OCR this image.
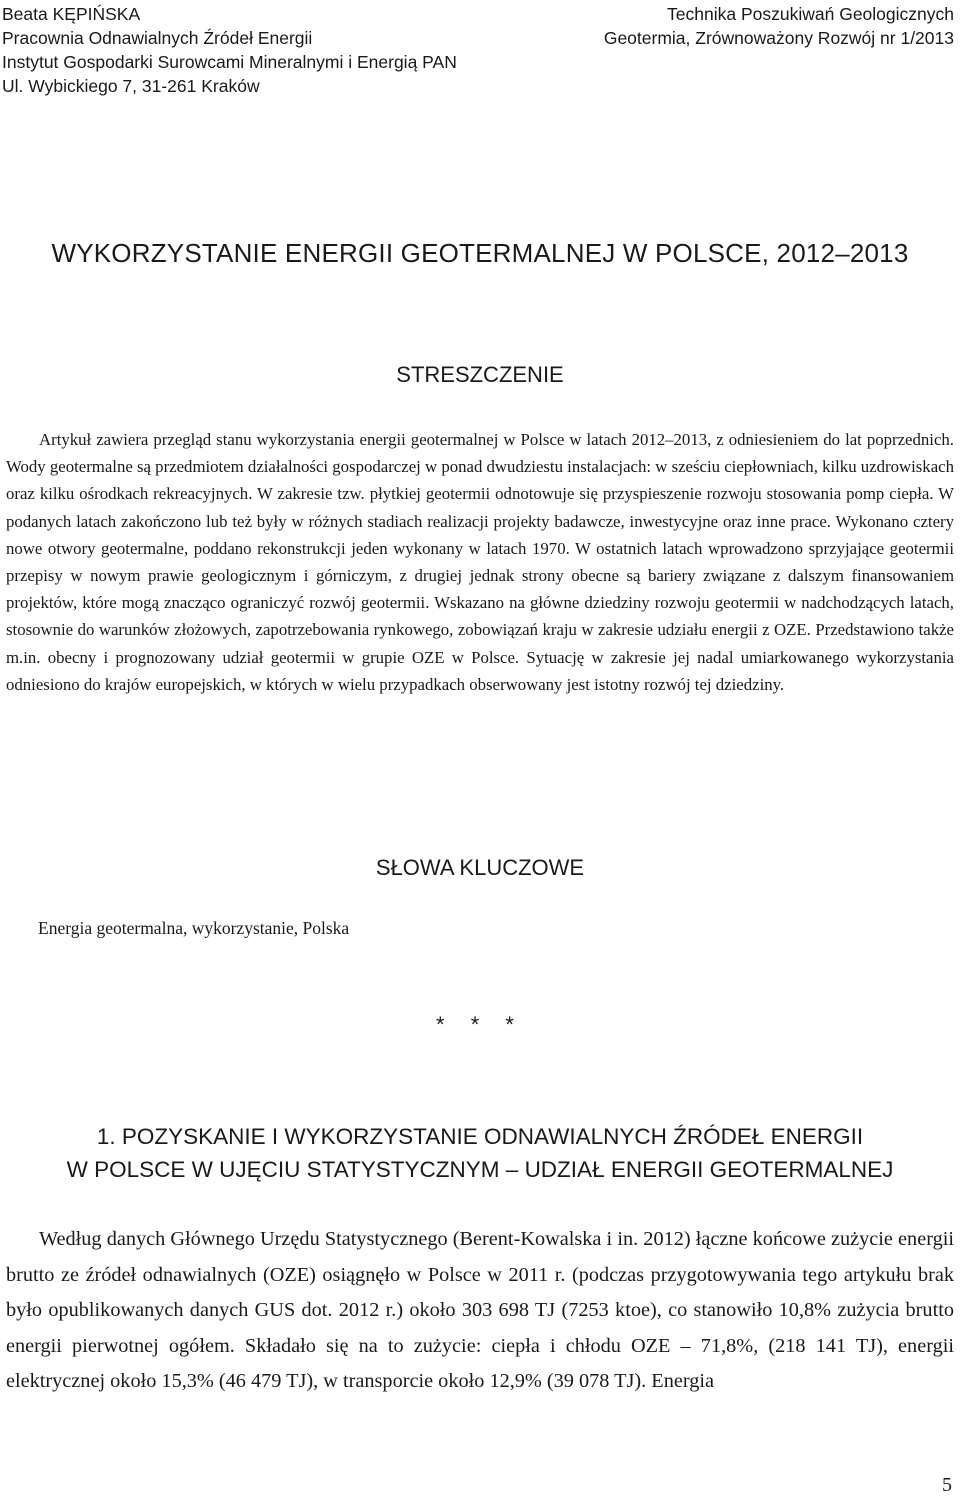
Beata KĘPIŃSKA
Pracownia Odnawialnych Źródeł Energii
Instytut Gospodarki Surowcami Mineralnymi i Energią PAN
Ul. Wybickiego 7, 31-261 Kraków
Technika Poszukiwań Geologicznych
Geotermia, Zrównoważony Rozwój nr 1/2013
WYKORZYSTANIE ENERGII GEOTERMALNEJ W POLSCE, 2012–2013
STRESZCZENIE

Artykuł zawiera przegląd stanu wykorzystania energii geotermalnej w Polsce w latach 2012–2013, z odniesieniem do lat poprzednich. Wody geotermalne są przedmiotem działalności gospodarczej w ponad dwudziestu instalacjach: w sześciu ciepłowniach, kilku uzdrowiskach oraz kilku ośrodkach rekreacyjnych. W zakresie tzw. płytkiej geotermii odnotowuje się przyspieszenie rozwoju stosowania pomp ciepła. W podanych latach zakończono lub też były w różnych stadiach realizacji projekty badawcze, inwestycyjne oraz inne prace. Wykonano cztery nowe otwory geotermalne, poddano rekonstrukcji jeden wykonany w latach 1970. W ostatnich latach wprowadzono sprzyjające geotermii przepisy w nowym prawie geologicznym i górniczym, z drugiej jednak strony obecne są bariery związane z dalszym finansowaniem projektów, które mogą znacząco ograniczyć rozwój geotermii. Wskazano na główne dziedziny rozwoju geotermii w nadchodzących latach, stosownie do warunków złożowych, zapotrzebowania rynkowego, zobowiązań kraju w zakresie udziału energii z OZE. Przedstawiono także m.in. obecny i prognozowany udział geotermii w grupie OZE w Polsce. Sytuację w zakresie jej nadal umiarkowanego wykorzystania odniesiono do krajów europejskich, w których w wielu przypadkach obserwowany jest istotny rozwój tej dziedziny.

SŁOWA KLUCZOWE
Energia geotermalna, wykorzystanie, Polska
* * *
1. POZYSKANIE I WYKORZYSTANIE ODNAWIALNYCH ŹRÓDEŁ ENERGII
W POLSCE W UJĘCIU STATYSTYCZNYM – UDZIAŁ ENERGII GEOTERMALNEJ

Według danych Głównego Urzędu Statystycznego (Berent-Kowalska i in. 2012) łączne końcowe zużycie energii brutto ze źródeł odnawialnych (OZE) osiągnęło w Polsce w 2011 r. (podczas przygotowywania tego artykułu brak było opublikowanych danych GUS dot. 2012 r.) około 303 698 TJ (7253 ktoe), co stanowiło 10,8% zużycia brutto energii pierwotnej ogółem. Składało się na to zużycie: ciepła i chłodu OZE – 71,8%, (218 141 TJ), energii elektrycznej około 15,3% (46 479 TJ), w transporcie około 12,9% (39 078 TJ). Energia

5
